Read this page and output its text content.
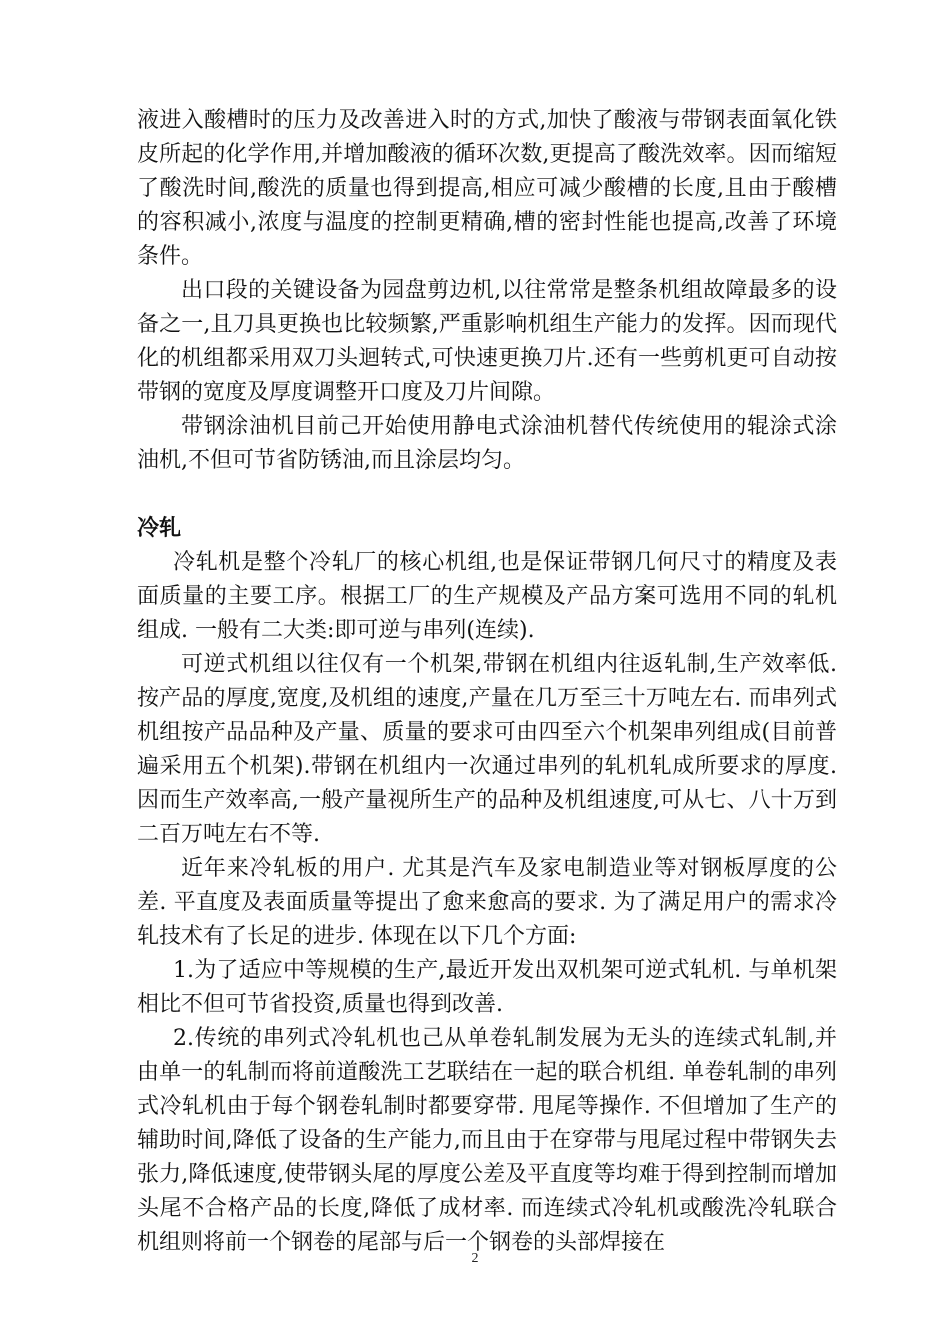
液进入酸槽时的压力及改善进入时的方式,加快了酸液与带钢表面氧化铁皮所起的化学作用,并增加酸液的循环次数,更提高了酸洗效率。因而缩短了酸洗时间,酸洗的质量也得到提高,相应可减少酸槽的长度,且由于酸槽的容积减小,浓度与温度的控制更精确,槽的密封性能也提高,改善了环境条件。

出口段的关键设备为园盘剪边机,以往常常是整条机组故障最多的设备之一,且刀具更换也比较频繁,严重影响机组生产能力的发挥。因而现代化的机组都采用双刀头迴转式,可快速更换刀片.还有一些剪机更可自动按带钢的宽度及厚度调整开口度及刀片间隙。

带钢涂油机目前己开始使用静电式涂油机替代传统使用的辊涂式涂油机,不但可节省防锈油,而且涂层均匀。

冷轧

冷轧机是整个冷轧厂的核心机组,也是保证带钢几何尺寸的精度及表面质量的主要工序。根据工厂的生产规模及产品方案可选用不同的轧机组成. 一般有二大类:即可逆与串列(连续).

可逆式机组以往仅有一个机架,带钢在机组内往返轧制,生产效率低.按产品的厚度,宽度,及机组的速度,产量在几万至三十万吨左右. 而串列式机组按产品品种及产量、质量的要求可由四至六个机架串列组成(目前普遍采用五个机架).带钢在机组内一次通过串列的轧机轧成所要求的厚度. 因而生产效率高,一般产量视所生产的品种及机组速度,可从七、八十万到二百万吨左右不等.

近年来冷轧板的用户. 尤其是汽车及家电制造业等对钢板厚度的公差. 平直度及表面质量等提出了愈来愈高的要求. 为了满足用户的需求冷轧技术有了长足的进步. 体现在以下几个方面:

1.为了适应中等规模的生产,最近开发出双机架可逆式轧机. 与单机架相比不但可节省投资,质量也得到改善.

2.传统的串列式冷轧机也己从单卷轧制发展为无头的连续式轧制,并由单一的轧制而将前道酸洗工艺联结在一起的联合机组. 单卷轧制的串列式冷轧机由于每个钢卷轧制时都要穿带. 甩尾等操作. 不但增加了生产的辅助时间,降低了设备的生产能力,而且由于在穿带与甩尾过程中带钢失去张力,降低速度,使带钢头尾的厚度公差及平直度等均难于得到控制而增加头尾不合格产品的长度,降低了成材率. 而连续式冷轧机或酸洗冷轧联合机组则将前一个钢卷的尾部与后一个钢卷的头部焊接在

2
